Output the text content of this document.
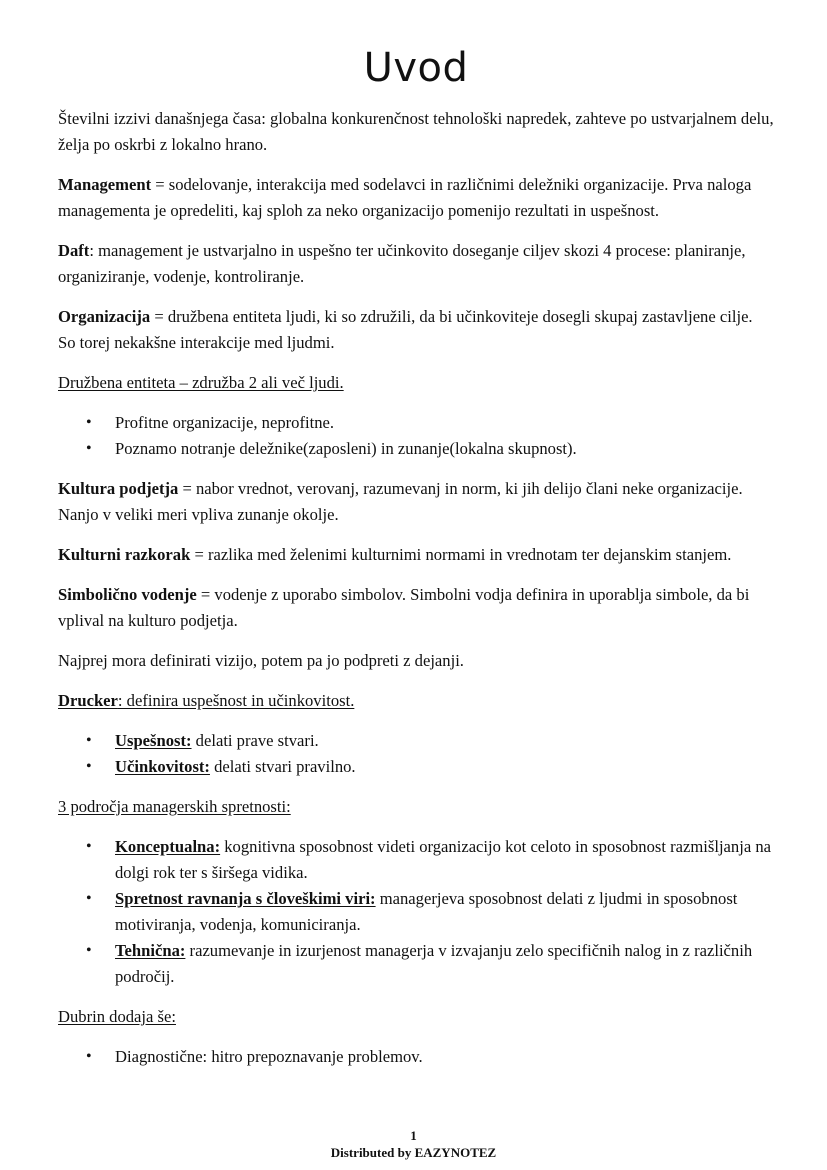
Uvod

Številni izzivi današnjega časa: globalna konkurenčnost tehnološki napredek, zahteve po ustvarjalnem delu, želja po oskrbi z lokalno hrano.

Management = sodelovanje, interakcija med sodelavci in različnimi deležniki organizacije. Prva naloga managementa je opredeliti, kaj sploh za neko organizacijo pomenijo rezultati in uspešnost.

Daft: management je ustvarjalno in uspešno ter učinkovito doseganje ciljev skozi 4 procese: planiranje, organiziranje, vodenje, kontroliranje.

Organizacija = družbena entiteta ljudi, ki so združili, da bi učinkoviteje dosegli skupaj zastavljene cilje. So torej nekakšne interakcije med ljudmi.

Družbena entiteta – združba 2 ali več ljudi.

• Profitne organizacije, neprofitne.
• Poznamo notranje deležnike(zaposleni) in zunanje(lokalna skupnost).

Kultura podjetja = nabor vrednot, verovanj, razumevanj in norm, ki jih delijo člani neke organizacije. Nanjo v veliki meri vpliva zunanje okolje.

Kulturni razkorak = razlika med želenimi kulturnimi normami in vrednotam ter dejanskim stanjem.

Simbolično vodenje = vodenje z uporabo simbolov. Simbolni vodja definira in uporablja simbole, da bi vplival na kulturo podjetja.

Najprej mora definirati vizijo, potem pa jo podpreti z dejanji.

Drucker: definira uspešnost in učinkovitost.

• Uspešnost: delati prave stvari.
• Učinkovitost: delati stvari pravilno.

3 področja managerskih spretnosti:

• Konceptualna: kognitivna sposobnost videti organizacijo kot celoto in sposobnost razmišljanja na dolgi rok ter s širšega vidika.
• Spretnost ravnanja s človeškimi viri: managerjeva sposobnost delati z ljudmi in sposobnost motiviranja, vodenja, komuniciranja.
• Tehnična: razumevanje in izurjenost managerja v izvajanju zelo specifičnih nalog in z različnih področij.

Dubrin dodaja še:

• Diagnostične: hitro prepoznavanje problemov.
1
Distributed by EAZYNOTEZ
